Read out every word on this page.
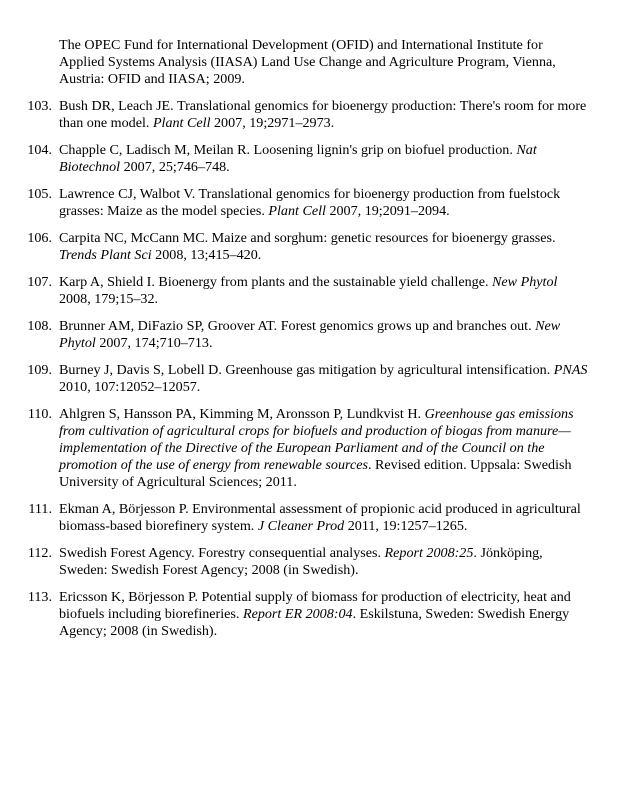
The OPEC Fund for International Development (OFID) and International Institute for Applied Systems Analysis (IIASA) Land Use Change and Agriculture Program, Vienna, Austria: OFID and IIASA; 2009.
103. Bush DR, Leach JE. Translational genomics for bioenergy production: There's room for more than one model. Plant Cell 2007, 19;2971–2973.
104. Chapple C, Ladisch M, Meilan R. Loosening lignin's grip on biofuel production. Nat Biotechnol 2007, 25;746–748.
105. Lawrence CJ, Walbot V. Translational genomics for bioenergy production from fuelstock grasses: Maize as the model species. Plant Cell 2007, 19;2091–2094.
106. Carpita NC, McCann MC. Maize and sorghum: genetic resources for bioenergy grasses. Trends Plant Sci 2008, 13;415–420.
107. Karp A, Shield I. Bioenergy from plants and the sustainable yield challenge. New Phytol 2008, 179;15–32.
108. Brunner AM, DiFazio SP, Groover AT. Forest genomics grows up and branches out. New Phytol 2007, 174;710–713.
109. Burney J, Davis S, Lobell D. Greenhouse gas mitigation by agricultural intensification. PNAS 2010, 107:12052–12057.
110. Ahlgren S, Hansson PA, Kimming M, Aronsson P, Lundkvist H. Greenhouse gas emissions from cultivation of agricultural crops for biofuels and production of biogas from manure—implementation of the Directive of the European Parliament and of the Council on the promotion of the use of energy from renewable sources. Revised edition. Uppsala: Swedish University of Agricultural Sciences; 2011.
111. Ekman A, Börjesson P. Environmental assessment of propionic acid produced in agricultural biomass-based biorefinery system. J Cleaner Prod 2011, 19:1257–1265.
112. Swedish Forest Agency. Forestry consequential analyses. Report 2008:25. Jönköping, Sweden: Swedish Forest Agency; 2008 (in Swedish).
113. Ericsson K, Börjesson P. Potential supply of biomass for production of electricity, heat and biofuels including biorefineries. Report ER 2008:04. Eskilstuna, Sweden: Swedish Energy Agency; 2008 (in Swedish).
